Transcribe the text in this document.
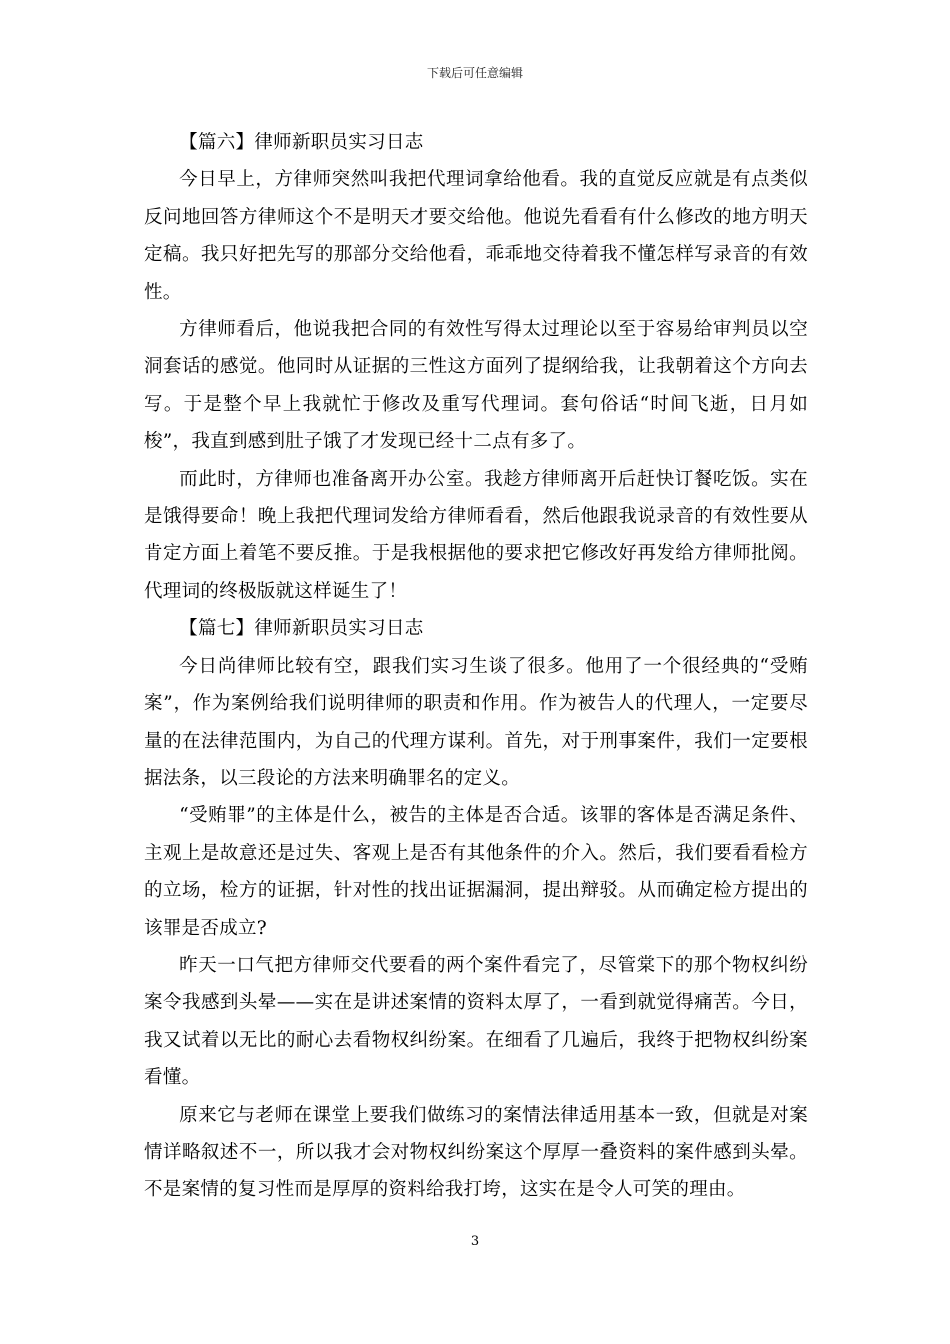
下载后可任意编辑

【篇六】律师新职员实习日志

今日早上，方律师突然叫我把代理词拿给他看。我的直觉反应就是有点类似反问地回答方律师这个不是明天才要交给他。他说先看看有什么修改的地方明天定稿。我只好把先写的那部分交给他看，乖乖地交待着我不懂怎样写录音的有效性。

方律师看后，他说我把合同的有效性写得太过理论以至于容易给审判员以空洞套话的感觉。他同时从证据的三性这方面列了提纲给我，让我朝着这个方向去写。于是整个早上我就忙于修改及重写代理词。套句俗话“时间飞逝，日月如梭”，我直到感到肚子饿了才发现已经十二点有多了。

而此时，方律师也准备离开办公室。我趁方律师离开后赶快订餐吃饭。实在是饿得要命！晚上我把代理词发给方律师看看，然后他跟我说录音的有效性要从肯定方面上着笔不要反推。于是我根据他的要求把它修改好再发给方律师批阅。代理词的终极版就这样诞生了！

【篇七】律师新职员实习日志

今日尚律师比较有空，跟我们实习生谈了很多。他用了一个很经典的“受贿案”，作为案例给我们说明律师的职责和作用。作为被告人的代理人，一定要尽量的在法律范围内，为自己的代理方谋利。首先，对于刑事案件，我们一定要根据法条，以三段论的方法来明确罪名的定义。

“受贿罪”的主体是什么，被告的主体是否合适。该罪的客体是否满足条件、主观上是故意还是过失、客观上是否有其他条件的介入。然后，我们要看看检方的立场，检方的证据，针对性的找出证据漏洞，提出辩驳。从而确定检方提出的该罪是否成立?

昨天一口气把方律师交代要看的两个案件看完了，尽管棠下的那个物权纠纷案令我感到头晕——实在是讲述案情的资料太厚了，一看到就觉得痛苦。今日，我又试着以无比的耐心去看物权纠纷案。在细看了几遍后，我终于把物权纠纷案看懂。

原来它与老师在课堂上要我们做练习的案情法律适用基本一致，但就是对案情详略叙述不一，所以我才会对物权纠纷案这个厚厚一叠资料的案件感到头晕。不是案情的复习性而是厚厚的资料给我打垮，这实在是令人可笑的理由。

3
